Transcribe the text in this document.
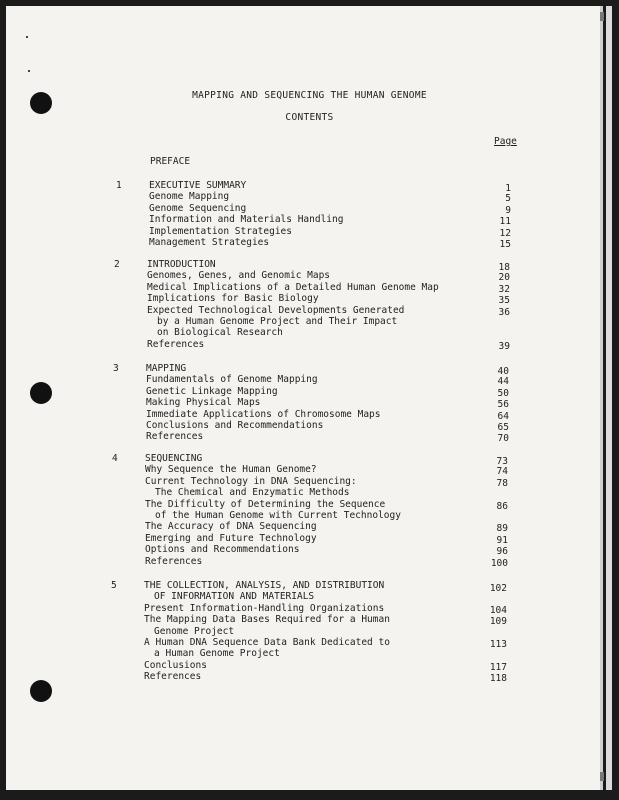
MAPPING AND SEQUENCING THE HUMAN GENOME
CONTENTS
Page
PREFACE
1	EXECUTIVE SUMMARY	1
Genome Mapping	5
Genome Sequencing	9
Information and Materials Handling	11
Implementation Strategies	12
Management Strategies	15
2	INTRODUCTION	18
Genomes, Genes, and Genomic Maps	20
Medical Implications of a Detailed Human Genome Map	32
Implications for Basic Biology	35
Expected Technological Developments Generated	36
by a Human Genome Project and Their Impact
on Biological Research
References	39
3	MAPPING	40
Fundamentals of Genome Mapping	44
Genetic Linkage Mapping	50
Making Physical Maps	56
Immediate Applications of Chromosome Maps	64
Conclusions and Recommendations	65
References	70
4	SEQUENCING	73
Why Sequence the Human Genome?	74
Current Technology in DNA Sequencing:	78
The Chemical and Enzymatic Methods
The Difficulty of Determining the Sequence	86
of the Human Genome with Current Technology
The Accuracy of DNA Sequencing	89
Emerging and Future Technology	91
Options and Recommendations	96
References	100
5	THE COLLECTION, ANALYSIS, AND DISTRIBUTION	102
OF INFORMATION AND MATERIALS
Present Information-Handling Organizations	104
The Mapping Data Bases Required for a Human	109
Genome Project
A Human DNA Sequence Data Bank Dedicated to	113
a Human Genome Project
Conclusions	117
References	118
